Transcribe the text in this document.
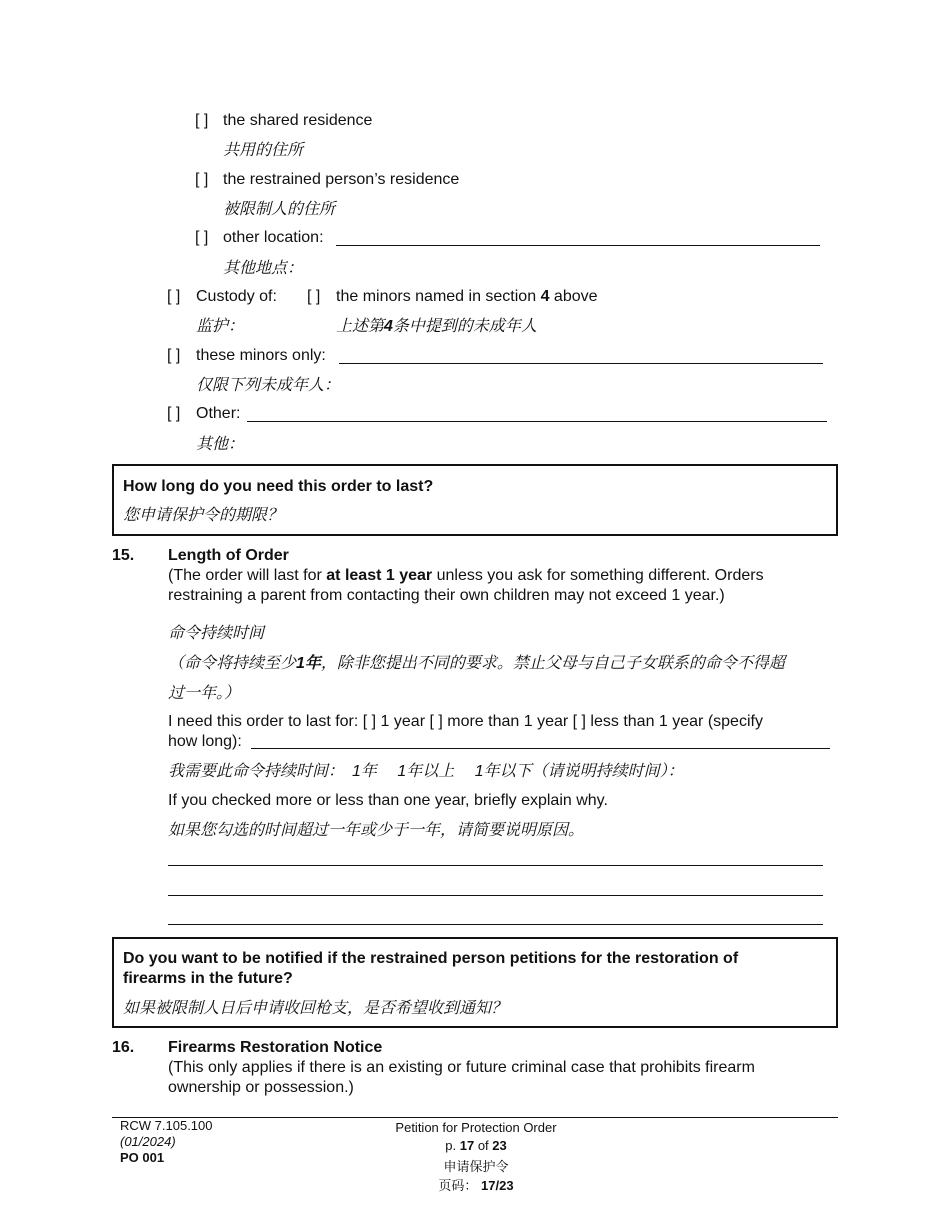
[ ] the shared residence
共用的住所
[ ] the restrained person’s residence
被限制人的住所
[ ] other location:
其他地点：
[ ] Custody of: [ ] the minors named in section 4 above
监护：	上述第4条中提到的未成年人
[ ] these minors only:
仅限下列未成年人：
[ ] Other:
其他：
How long do you need this order to last?
您申请保护令的期限？
15. Length of Order
(The order will last for at least 1 year unless you ask for something different. Orders
restraining a parent from contacting their own children may not exceed 1 year.)
命令持续时间
（命令将持续至少1年，除非您提出不同的要求。禁止父母与自己子女联系的命令不得超
过一年。）
I need this order to last for: [ ] 1 year [ ] more than 1 year [ ] less than 1 year (specify
how long):
我需要此命令持续时间：　1年　 1年以上　 1年以下（请说明持续时间）：
If you checked more or less than one year, briefly explain why.
如果您勾选的时间超过一年或少于一年，请简要说明原因。
Do you want to be notified if the restrained person petitions for the restoration of
firearms in the future?
如果被限制人日后申请收回枪支，是否希望收到通知？
16. Firearms Restoration Notice
(This only applies if there is an existing or future criminal case that prohibits firearm
ownership or possession.)
RCW 7.105.100
(01/2024)
PO 001
Petition for Protection Order
p. 17 of 23
申请保护令
页码： 17/23
